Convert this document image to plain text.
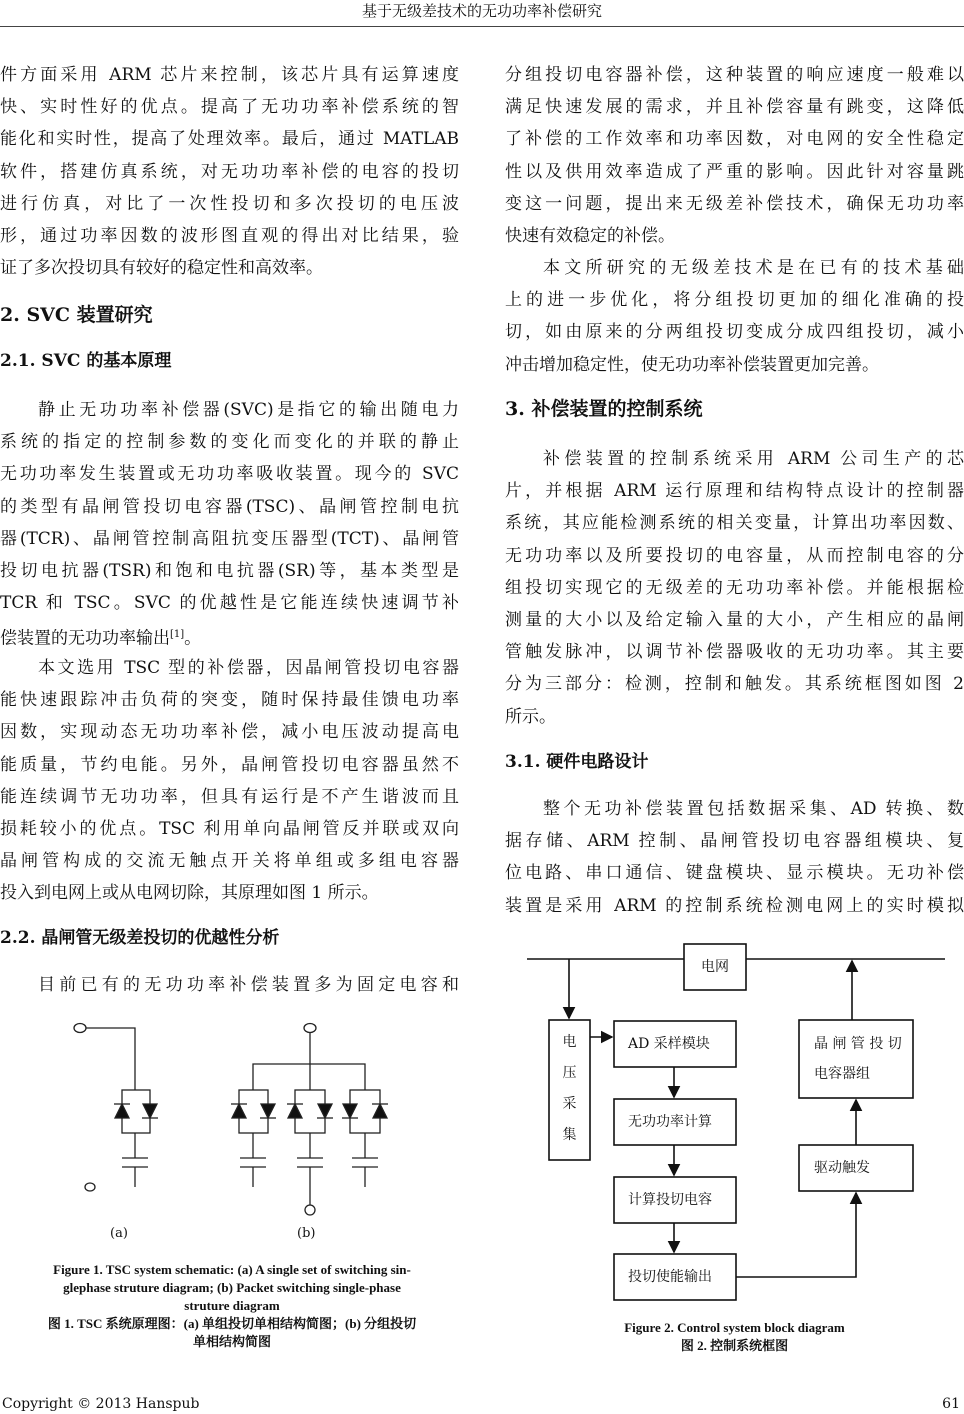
基于无级差技术的无功功率补偿研究
件方面采用 ARM 芯片来控制，该芯片具有运算速度
快、实时性好的优点。提高了无功功率补偿系统的智
能化和实时性，提高了处理效率。最后，通过 MATLAB
软件，搭建仿真系统，对无功功率补偿的电容的投切
进行仿真，对比了一次性投切和多次投切的电压波
形，通过功率因数的波形图直观的得出对比结果，验
证了多次投切具有较好的稳定性和高效率。
2. SVC 装置研究
2.1. SVC 的基本原理
静止无功功率补偿器(SVC)是指它的输出随电力
系统的指定的控制参数的变化而变化的并联的静止
无功功率发生装置或无功功率吸收装置。现今的 SVC
的类型有晶闸管投切电容器(TSC)、晶闸管控制电抗
器(TCR)、晶闸管控制高阻抗变压器型(TCT)、晶闸管
投切电抗器(TSR)和饱和电抗器(SR)等，基本类型是
TCR 和 TSC。SVC 的优越性是它能连续快速调节补
偿装置的无功功率输出[1]。
本文选用 TSC 型的补偿器，因晶闸管投切电容器
能快速跟踪冲击负荷的突变，随时保持最佳馈电功率
因数，实现动态无功功率补偿，减小电压波动提高电
能质量，节约电能。另外，晶闸管投切电容器虽然不
能连续调节无功功率，但具有运行是不产生谐波而且
损耗较小的优点。TSC 利用单向晶闸管反并联或双向
晶闸管构成的交流无触点开关将单组或多组电容器
投入到电网上或从电网切除，其原理如图 1 所示。
2.2. 晶闸管无级差投切的优越性分析
目前已有的无功功率补偿装置多为固定电容和
分组投切电容器补偿，这种装置的响应速度一般难以
满足快速发展的需求，并且补偿容量有跳变，这降低
了补偿的工作效率和功率因数，对电网的安全性稳定
性以及供用效率造成了严重的影响。因此针对容量跳
变这一问题，提出来无级差补偿技术，确保无功功率
快速有效稳定的补偿。
本文所研究的无级差技术是在已有的技术基础
上的进一步优化，将分组投切更加的细化准确的投
切，如由原来的分两组投切变成分成四组投切，减小
冲击增加稳定性，使无功功率补偿装置更加完善。
3. 补偿装置的控制系统
补偿装置的控制系统采用 ARM 公司生产的芯
片，并根据 ARM 运行原理和结构特点设计的控制器
系统，其应能检测系统的相关变量，计算出功率因数、
无功功率以及所要投切的电容量，从而控制电容的分
组投切实现它的无级差的无功功率补偿。并能根据检
测量的大小以及给定输入量的大小，产生相应的晶闸
管触发脉冲，以调节补偿器吸收的无功功率。其主要
分为三部分：检测，控制和触发。其系统框图如图 2
所示。
3.1. 硬件电路设计
整个无功补偿装置包括数据采集、AD 转换、数
据存储、ARM 控制、晶闸管投切电容器组模块、复
位电路、串口通信、键盘模块、显示模块。无功补偿
装置是采用 ARM 的控制系统检测电网上的实时模拟
(a)	(b)
Figure 1. TSC system schematic: (a) A single set of switching sin-
glephase struture diagram; (b) Packet switching single-phase
struture diagram
图 1. TSC 系统原理图：(a) 单组投切单相结构简图；(b) 分组投切
单相结构简图
电网
电
压
采
集
AD 采样模块
无功功率计算
计算投切电容
投切使能输出
晶 闸 管 投 切
电容器组
驱动触发
Figure 2. Control system block diagram
图 2. 控制系统框图
Copyright © 2013 Hanspub	61
